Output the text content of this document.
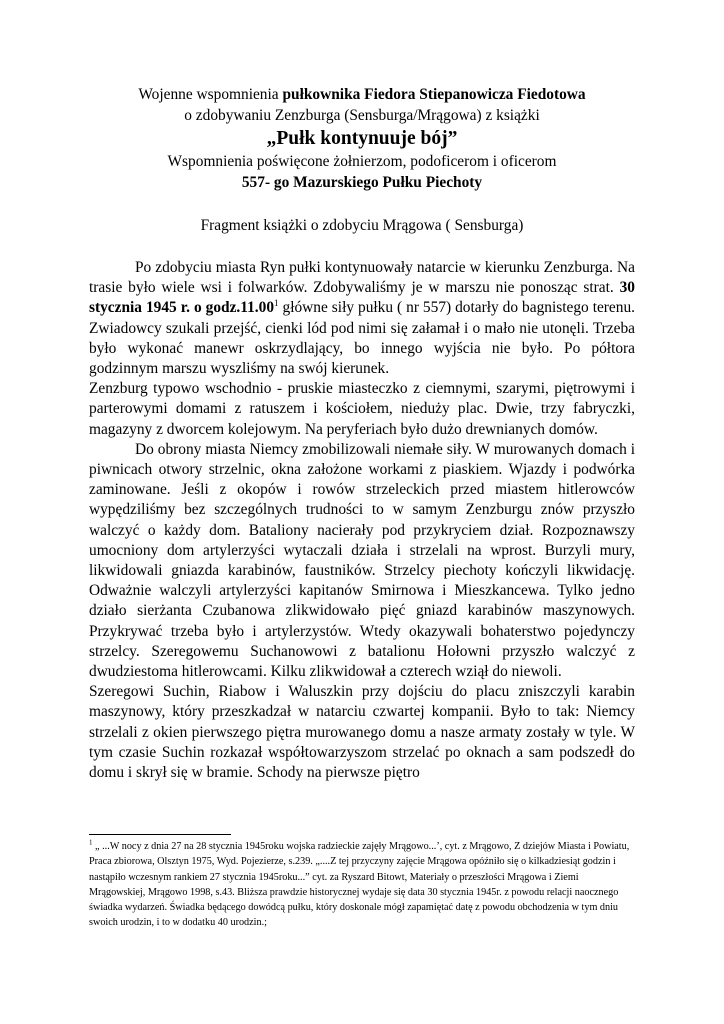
Wojenne wspomnienia pułkownika Fiedora Stiepanowicza Fiedotowa

o zdobywaniu Zenzburga (Sensburga/Mrągowa) z książki

„Pułk kontynuuje bój”

Wspomnienia poświęcone żołnierzom, podoficerom i oficerom

557- go Mazurskiego Pułku Piechoty

Fragment książki o zdobyciu Mrągowa ( Sensburga)

Po zdobyciu miasta Ryn pułki kontynuowały natarcie w kierunku Zenzburga. Na trasie było wiele wsi i folwarków. Zdobywaliśmy je w marszu nie ponosząc strat. 30 stycznia 1945 r. o godz.11.00$^1$ główne siły pułku ( nr 557) dotarły do bagnistego terenu. Zwiadowcy szukali przejść, cienki lód pod nimi się załamał i o mało nie utonęli. Trzeba było wykonać manewr oskrzydlający, bo innego wyjścia nie było. Po półtora godzinnym marszu wyszliśmy na swój kierunek.

Zenzburg typowo wschodnio - pruskie miasteczko z ciemnymi, szarymi, piętrowymi i parterowymi domami z ratuszem i kościołem, nieduży plac. Dwie, trzy fabryczki, magazyny z dworcem kolejowym. Na peryferiach było dużo drewnianych domów.

Do obrony miasta Niemcy zmobilizowali niemałe siły. W murowanych domach i piwnicach otwory strzelnic, okna założone workami z piaskiem. Wjazdy i podwórka zaminowane. Jeśli z okopów i rowów strzeleckich przed miastem hitlerowców wypędziliśmy bez szczególnych trudności to w samym Zenzburgu znów przyszło walczyć o każdy dom. Bataliony nacierały pod przykryciem dział. Rozpoznawszy umocniony dom artylerzyści wytaczali działa i strzelali na wprost. Burzyli mury, likwidowali gniazda karabinów, faustników. Strzelcy piechoty kończyli likwidację. Odważnie walczyli artylerzyści kapitanów Smirnowa i Mieszkancewa. Tylko jedno działo sierżanta Czubanowa zlikwidowało pięć gniazd karabinów maszynowych. Przykrywać trzeba było i artylerzystów. Wtedy okazywali bohaterstwo pojedynczy strzelcy. Szeregowemu Suchanowowi z batalionu Hołowni przyszło walczyć z dwudziestoma hitlerowcami. Kilku zlikwidował a czterech wziął do niewoli.

Szeregowi Suchin, Riabow i Waluszkin przy dojściu do placu zniszczyli karabin maszynowy, który przeszkadzał w natarciu czwartej kompanii. Było to tak: Niemcy strzelali z okien pierwszego piętra murowanego domu a nasze armaty zostały w tyle. W tym czasie Suchin rozkazał współtowarzyszom strzelać po oknach a sam podszedł do domu i skrył się w bramie. Schody na pierwsze piętro

$^1$ „ ...W nocy z dnia 27 na 28 stycznia 1945roku wojska radzieckie zajęły Mrągowo...’, cyt. z Mrągowo, Z dziejów Miasta i Powiatu, Praca zbiorowa, Olsztyn 1975, Wyd. Pojezierze, s.239. „....Z tej przyczyny zajęcie Mrągowa opóźniło się o kilkadziesiąt godzin i nastąpiło wczesnym rankiem 27 stycznia 1945roku...” cyt. za Ryszard Bitowt, Materiały o przeszłości Mrągowa i Ziemi Mrągowskiej, Mrągowo 1998, s.43. Bliższa prawdzie historycznej wydaje się data 30 stycznia 1945r. z powodu relacji naocznego świadka wydarzeń. Świadka będącego dowódcą pułku, który doskonale mógł zapamiętać datę z powodu obchodzenia w tym dniu swoich urodzin, i to w dodatku 40 urodzin.;
